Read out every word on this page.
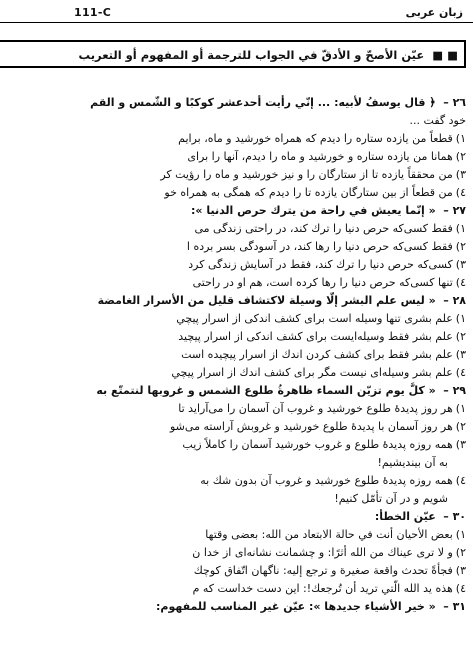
111-C	زبان عربی
■ ■ عيّن الأصحّ و الأدقّ في الجواب للترجمة أو المفهوم أو التعريب
٢٦ – ﴿ قال يوسفُ لأبيه: ... إنّي رأيت أحدعشر كوكبًا و الشّمس و القم
خود گفت ...
١)قطعاً من يازده ستاره را ديدم كه همراه خورشيد و ماه، برايم
٢)همانا من يازده ستاره و خورشيد و ماه را ديدم، آنها را براى
٣)من محققاً يازده تا از ستارگان را و نيز خورشيد و ماه را رؤيت كر
٤)من قطعاً از بين ستارگان يازده تا را ديدم كه همگى به همراه خو
٢٧ – « إنّما يعيش في راحة من يترك حرص الدنيا »:
١)فقط كسى‌كه حرص دنيا را ترك كند، در راحتى زندگى مى‌
٢)فقط كسى‌كه حرص دنيا را رها كند، در آسودگى بسر برده ا
٣)كسى‌كه حرص دنيا را ترك كند، فقط در آسايش زندگى كرد
٤)تنها كسى‌كه حرص دنيا را رها كرده است، هم او در راحتى
٢٨ – « ليس علم البشر إلّا وسيلة لاكتشاف قليل من الأسرار الغامضة
١)علم بشرى تنها وسيله است براى كشف اندكى از اسرار پيچي
٢)علم بشر فقط وسيله‌ايست براى كشف اندكى از اسرار پيچيد
٣)علم بشر فقط براى كشف كردن اندك از اسرار پيچيده است
٤)علم بشر وسيله‌اى نيست مگر براى كشف اندك از اسرار پيچي
٢٩ – « كلَّ يوم تزيّن السماء ظاهرةُ طلوع الشمس و غروبها لنتمتّع به
١)هر روز پديدهٔ طلوع خورشيد و غروب آن آسمان را مى‌آرايد تا
٢)هر روز آسمان با پديدهٔ طلوع خورشيد و غروبش آراسته مى‌شو
٣)همه روزه پديدهٔ طلوع و غروب خورشيد آسمان را كاملاً زيب
به آن بينديشيم!
٤)همه روزه پديدهٔ طلوع خورشيد و غروب آن بدون شك به
شويم و در آن تأمّل كنيم!
٣٠ – عيّن الخطأ:
١)بعض الأحيان أنت في حالة الابتعاد من الله: بعضى وقتها
٢)و لا ترى عيناك من الله أثرًا: و چشمانت نشانه‌اى از خدا ن
٣)فجأةً تحدث واقعة صغيرة و ترجع إليه: ناگهان اتّفاق كوچك
٤)هذه يد الله الّتي تريد أن تُرجعك!: اين دست خداست كه م
٣١ – « خير الأشياء جديدها »: عيّن غير المناسب للمفهوم:
